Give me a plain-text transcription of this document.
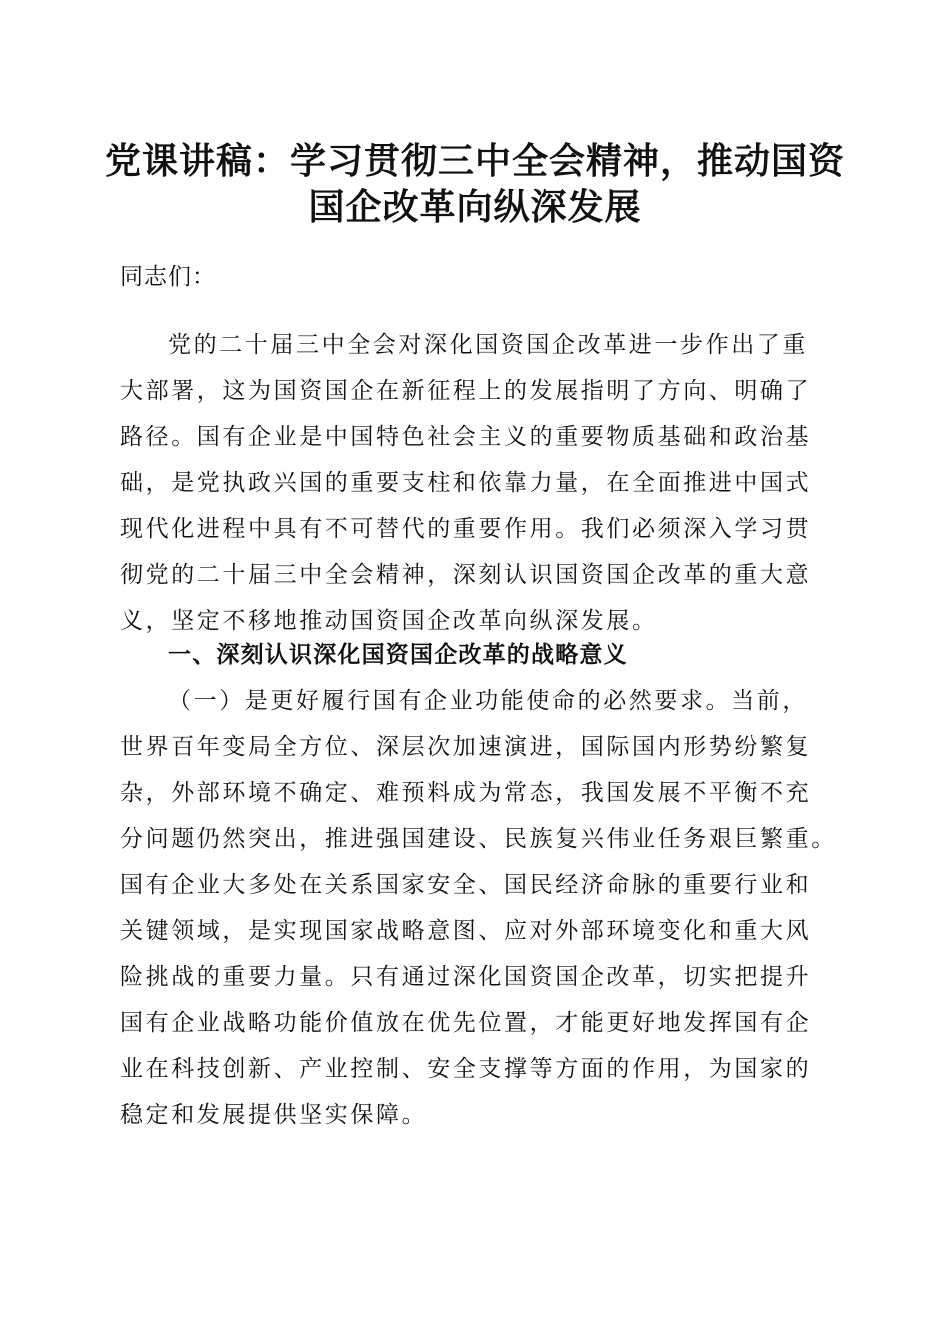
党课讲稿：学习贯彻三中全会精神，推动国资
国企改革向纵深发展

同志们：

党的二十届三中全会对深化国资国企改革进一步作出了重
大部署，这为国资国企在新征程上的发展指明了方向、明确了
路径。国有企业是中国特色社会主义的重要物质基础和政治基
础，是党执政兴国的重要支柱和依靠力量，在全面推进中国式
现代化进程中具有不可替代的重要作用。我们必须深入学习贯
彻党的二十届三中全会精神，深刻认识国资国企改革的重大意
义，坚定不移地推动国资国企改革向纵深发展。

一、深刻认识深化国资国企改革的战略意义

（一）是更好履行国有企业功能使命的必然要求。当前，
世界百年变局全方位、深层次加速演进，国际国内形势纷繁复
杂，外部环境不确定、难预料成为常态，我国发展不平衡不充
分问题仍然突出，推进强国建设、民族复兴伟业任务艰巨繁重。
国有企业大多处在关系国家安全、国民经济命脉的重要行业和
关键领域，是实现国家战略意图、应对外部环境变化和重大风
险挑战的重要力量。只有通过深化国资国企改革，切实把提升
国有企业战略功能价值放在优先位置，才能更好地发挥国有企
业在科技创新、产业控制、安全支撑等方面的作用，为国家的
稳定和发展提供坚实保障。
